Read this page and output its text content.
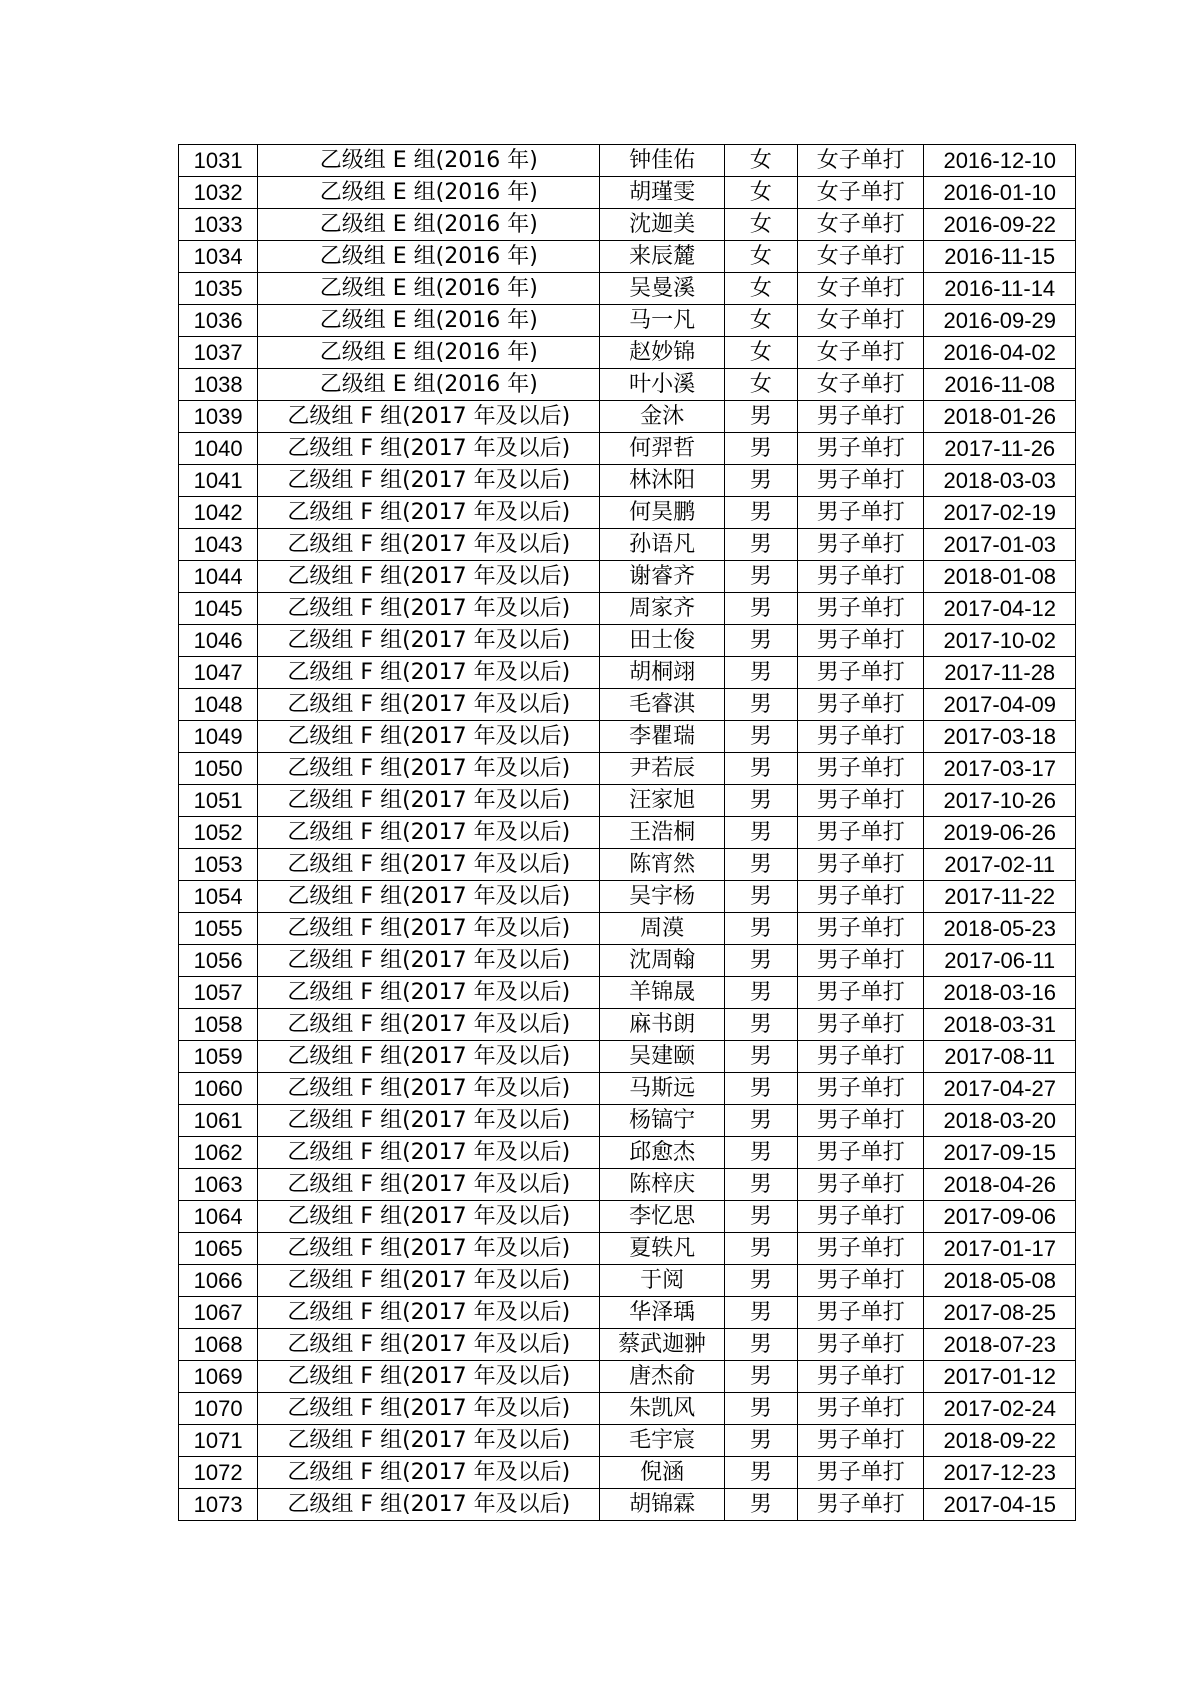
1031	乙级组 E 组(2016 年)	钟佳佑	女	女子单打	2016-12-10
1032	乙级组 E 组(2016 年)	胡瑾雯	女	女子单打	2016-01-10
1033	乙级组 E 组(2016 年)	沈迦美	女	女子单打	2016-09-22
1034	乙级组 E 组(2016 年)	来辰麓	女	女子单打	2016-11-15
1035	乙级组 E 组(2016 年)	吴曼溪	女	女子单打	2016-11-14
1036	乙级组 E 组(2016 年)	马一凡	女	女子单打	2016-09-29
1037	乙级组 E 组(2016 年)	赵妙锦	女	女子单打	2016-04-02
1038	乙级组 E 组(2016 年)	叶小溪	女	女子单打	2016-11-08
1039	乙级组 F 组(2017 年及以后)	金沐	男	男子单打	2018-01-26
1040	乙级组 F 组(2017 年及以后)	何羿哲	男	男子单打	2017-11-26
1041	乙级组 F 组(2017 年及以后)	林沐阳	男	男子单打	2018-03-03
1042	乙级组 F 组(2017 年及以后)	何昊鹏	男	男子单打	2017-02-19
1043	乙级组 F 组(2017 年及以后)	孙语凡	男	男子单打	2017-01-03
1044	乙级组 F 组(2017 年及以后)	谢睿齐	男	男子单打	2018-01-08
1045	乙级组 F 组(2017 年及以后)	周家齐	男	男子单打	2017-04-12
1046	乙级组 F 组(2017 年及以后)	田士俊	男	男子单打	2017-10-02
1047	乙级组 F 组(2017 年及以后)	胡桐翊	男	男子单打	2017-11-28
1048	乙级组 F 组(2017 年及以后)	毛睿淇	男	男子单打	2017-04-09
1049	乙级组 F 组(2017 年及以后)	李瞿瑞	男	男子单打	2017-03-18
1050	乙级组 F 组(2017 年及以后)	尹若辰	男	男子单打	2017-03-17
1051	乙级组 F 组(2017 年及以后)	汪家旭	男	男子单打	2017-10-26
1052	乙级组 F 组(2017 年及以后)	王浩桐	男	男子单打	2019-06-26
1053	乙级组 F 组(2017 年及以后)	陈宵然	男	男子单打	2017-02-11
1054	乙级组 F 组(2017 年及以后)	吴宇杨	男	男子单打	2017-11-22
1055	乙级组 F 组(2017 年及以后)	周漠	男	男子单打	2018-05-23
1056	乙级组 F 组(2017 年及以后)	沈周翰	男	男子单打	2017-06-11
1057	乙级组 F 组(2017 年及以后)	羊锦晟	男	男子单打	2018-03-16
1058	乙级组 F 组(2017 年及以后)	麻书朗	男	男子单打	2018-03-31
1059	乙级组 F 组(2017 年及以后)	吴建颐	男	男子单打	2017-08-11
1060	乙级组 F 组(2017 年及以后)	马斯远	男	男子单打	2017-04-27
1061	乙级组 F 组(2017 年及以后)	杨镐宁	男	男子单打	2018-03-20
1062	乙级组 F 组(2017 年及以后)	邱愈杰	男	男子单打	2017-09-15
1063	乙级组 F 组(2017 年及以后)	陈梓庆	男	男子单打	2018-04-26
1064	乙级组 F 组(2017 年及以后)	李忆思	男	男子单打	2017-09-06
1065	乙级组 F 组(2017 年及以后)	夏轶凡	男	男子单打	2017-01-17
1066	乙级组 F 组(2017 年及以后)	于阅	男	男子单打	2018-05-08
1067	乙级组 F 组(2017 年及以后)	华泽瑀	男	男子单打	2017-08-25
1068	乙级组 F 组(2017 年及以后)	蔡武迦翀	男	男子单打	2018-07-23
1069	乙级组 F 组(2017 年及以后)	唐杰俞	男	男子单打	2017-01-12
1070	乙级组 F 组(2017 年及以后)	朱凯风	男	男子单打	2017-02-24
1071	乙级组 F 组(2017 年及以后)	毛宇宸	男	男子单打	2018-09-22
1072	乙级组 F 组(2017 年及以后)	倪涵	男	男子单打	2017-12-23
1073	乙级组 F 组(2017 年及以后)	胡锦霖	男	男子单打	2017-04-15
